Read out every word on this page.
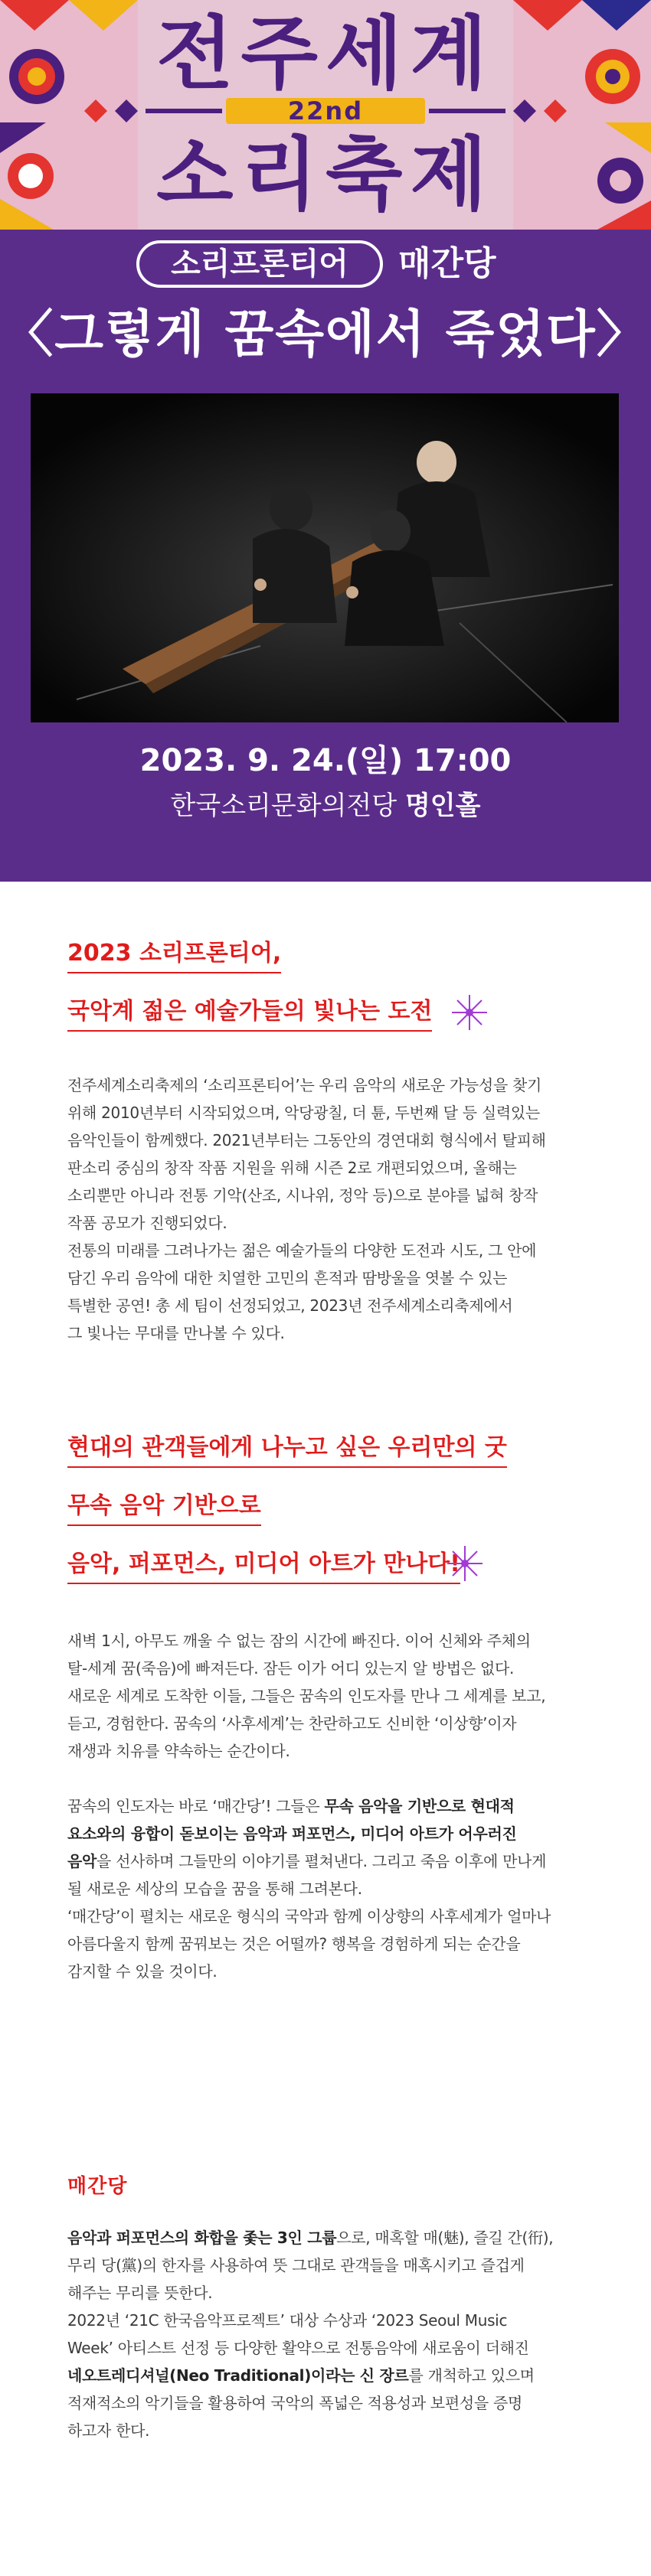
전주세계
22nd
소리축제
소리프론티어	매간당
〈그렇게 꿈속에서 죽었다〉
2023. 9. 24.(일) 17:00
한국소리문화의전당 명인홀
2023 소리프론티어,
국악계 젊은 예술가들의 빛나는 도전
전주세계소리축제의 ‘소리프론티어’는 우리 음악의 새로운 가능성을 찾기
위해 2010년부터 시작되었으며, 악당광칠, 더 튠, 두번째 달 등 실력있는
음악인들이 함께했다. 2021년부터는 그동안의 경연대회 형식에서 탈피해
판소리 중심의 창작 작품 지원을 위해 시즌 2로 개편되었으며, 올해는
소리뿐만 아니라 전통 기악(산조, 시나위, 정악 등)으로 분야를 넓혀 창작
작품 공모가 진행되었다.
전통의 미래를 그려나가는 젊은 예술가들의 다양한 도전과 시도, 그 안에
담긴 우리 음악에 대한 치열한 고민의 흔적과 땀방울을 엿볼 수 있는
특별한 공연! 총 세 팀이 선정되었고, 2023년 전주세계소리축제에서
그 빛나는 무대를 만나볼 수 있다.
현대의 관객들에게 나누고 싶은 우리만의 굿
무속 음악 기반으로
음악, 퍼포먼스, 미디어 아트가 만나다!
새벽 1시, 아무도 깨울 수 없는 잠의 시간에 빠진다. 이어 신체와 주체의
탈-세계 꿈(죽음)에 빠져든다. 잠든 이가 어디 있는지 알 방법은 없다.
새로운 세계로 도착한 이들, 그들은 꿈속의 인도자를 만나 그 세계를 보고,
듣고, 경험한다. 꿈속의 ‘사후세계’는 찬란하고도 신비한 ‘이상향’이자
재생과 치유를 약속하는 순간이다.
꿈속의 인도자는 바로 ‘매간당’! 그들은 무속 음악을 기반으로 현대적
요소와의 융합이 돋보이는 음악과 퍼포먼스, 미디어 아트가 어우러진
음악을 선사하며 그들만의 이야기를 펼쳐낸다. 그리고 죽음 이후에 만나게
될 새로운 세상의 모습을 꿈을 통해 그려본다.
‘매간당’이 펼치는 새로운 형식의 국악과 함께 이상향의 사후세계가 얼마나
아름다울지 함께 꿈꿔보는 것은 어떨까? 행복을 경험하게 되는 순간을
감지할 수 있을 것이다.
매간당
음악과 퍼포먼스의 화합을 좇는 3인 그룹으로, 매혹할 매(魅), 즐길 간(衎),
무리 당(黨)의 한자를 사용하여 뜻 그대로 관객들을 매혹시키고 즐겁게
해주는 무리를 뜻한다.
2022년 ‘21C 한국음악프로젝트’ 대상 수상과 ‘2023 Seoul Music
Week’ 아티스트 선정 등 다양한 활약으로 전통음악에 새로움이 더해진
네오트레디셔널(Neo Traditional)이라는 신 장르를 개척하고 있으며
적재적소의 악기들을 활용하여 국악의 폭넓은 적용성과 보편성을 증명
하고자 한다.
